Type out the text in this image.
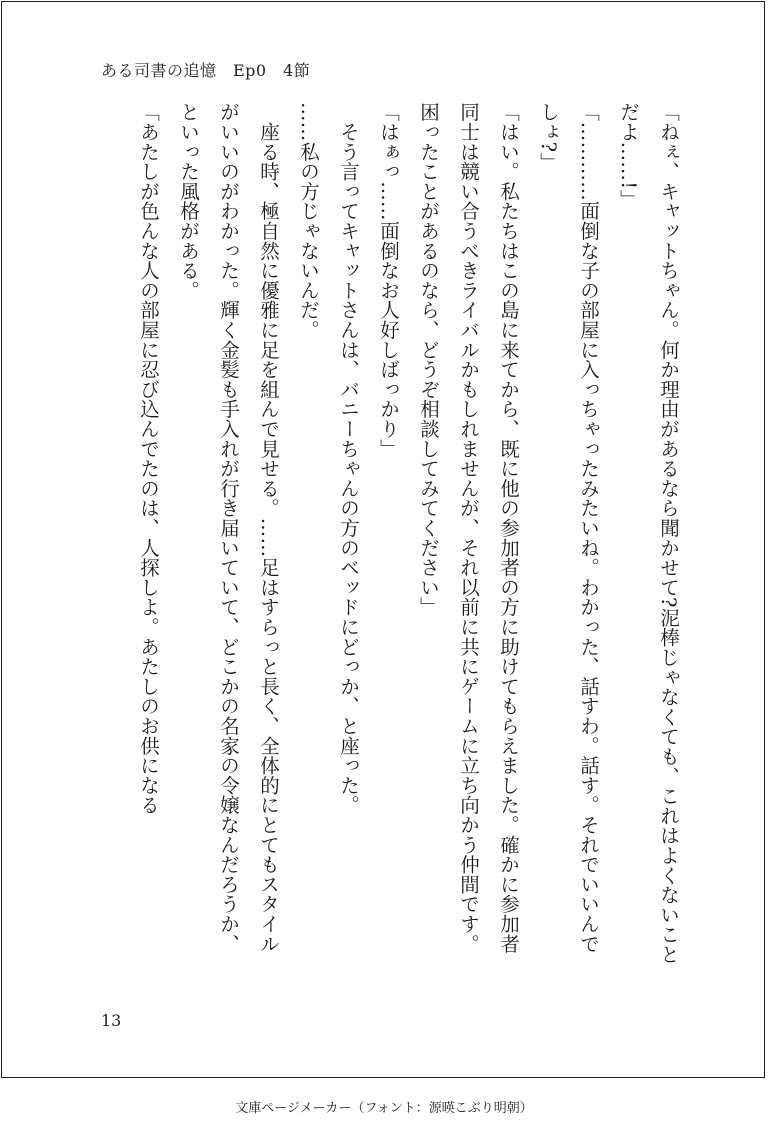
ある司書の追憶　Ep0　4節

「ねぇ、キャットちゃん。何か理由があるなら聞かせて?泥棒じゃなくても、これはよくないことだよ……!」

「…………面倒な子の部屋に入っちゃったみたいね。わかった、話すわ。話す。それでいいんでしょ?」

「はい。私たちはこの島に来てから、既に他の参加者の方に助けてもらえました。確かに参加者同士は競い合うべきライバルかもしれませんが、それ以前に共にゲームに立ち向かう仲間です。困ったことがあるのなら、どうぞ相談してみてください」

「はぁっ……面倒なお人好しばっかり」

　そう言ってキャットさんは、バニーちゃんの方のベッドにどっか、と座った。

……私の方じゃないんだ。

　座る時、極自然に優雅に足を組んで見せる。……足はすらっと長く、全体的にとてもスタイルがいいのがわかった。輝く金髪も手入れが行き届いていて、どこかの名家の令嬢なんだろうか、といった風格がある。

「あたしが色んな人の部屋に忍び込んでたのは、人探しよ。あたしのお供になる

13
文庫ページメーカー（フォント：源暎こぶり明朝）
